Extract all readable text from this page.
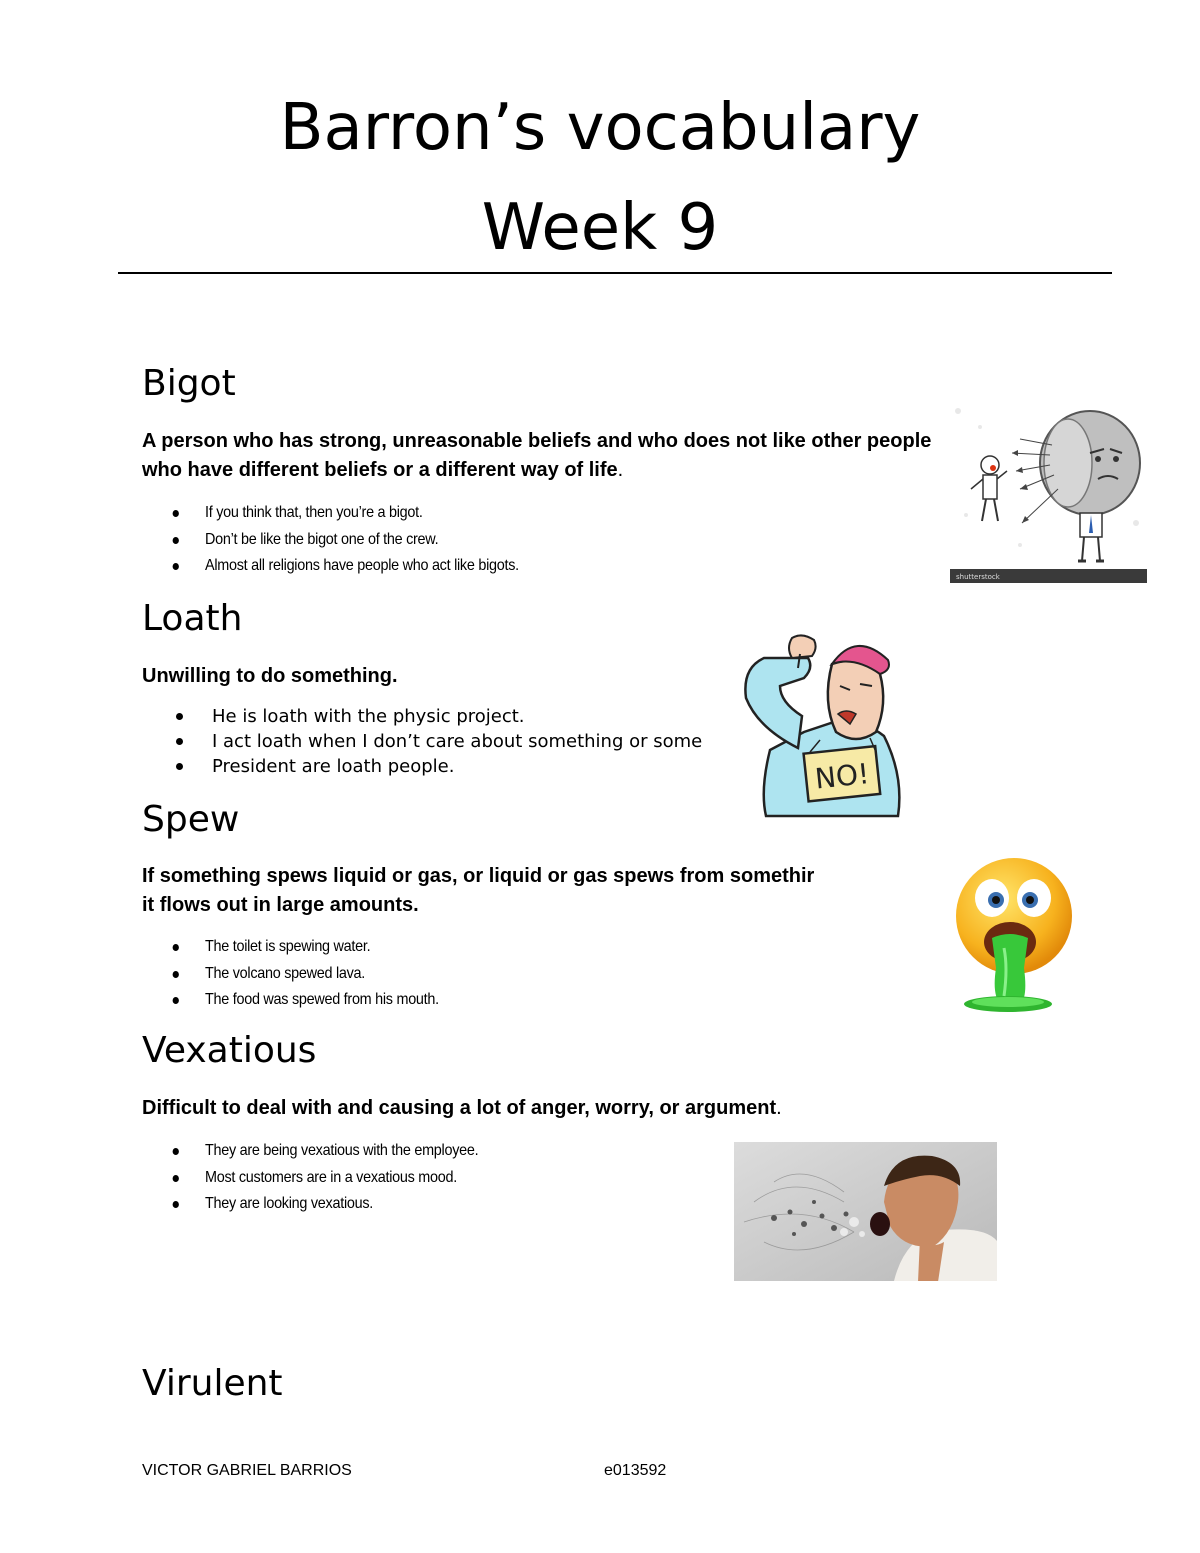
Barron’s vocabulary
Week 9
Bigot

A person who has strong, unreasonable beliefs and who does not like other people who have different beliefs or a different way of life.

If you think that, then you’re a bigot.
Don’t be like the bigot one of the crew.
Almost all religions have people who act like bigots.
shutterstock
Loath

Unwilling to do something.

He is loath with the physic project.
I act loath when I don’t care about something or some
President are loath people.	NO!
Spew

If something spews liquid or gas, or liquid or gas spews from somethir
it flows out in large amounts.

The toilet is spewing water.
The volcano spewed lava.
The food was spewed from his mouth.
Vexatious

Difficult to deal with and causing a lot of anger, worry, or argument.

They are being vexatious with the employee.
Most customers are in a vexatious mood.
They are looking vexatious.
Virulent
VICTOR GABRIEL BARRIOS	e013592
